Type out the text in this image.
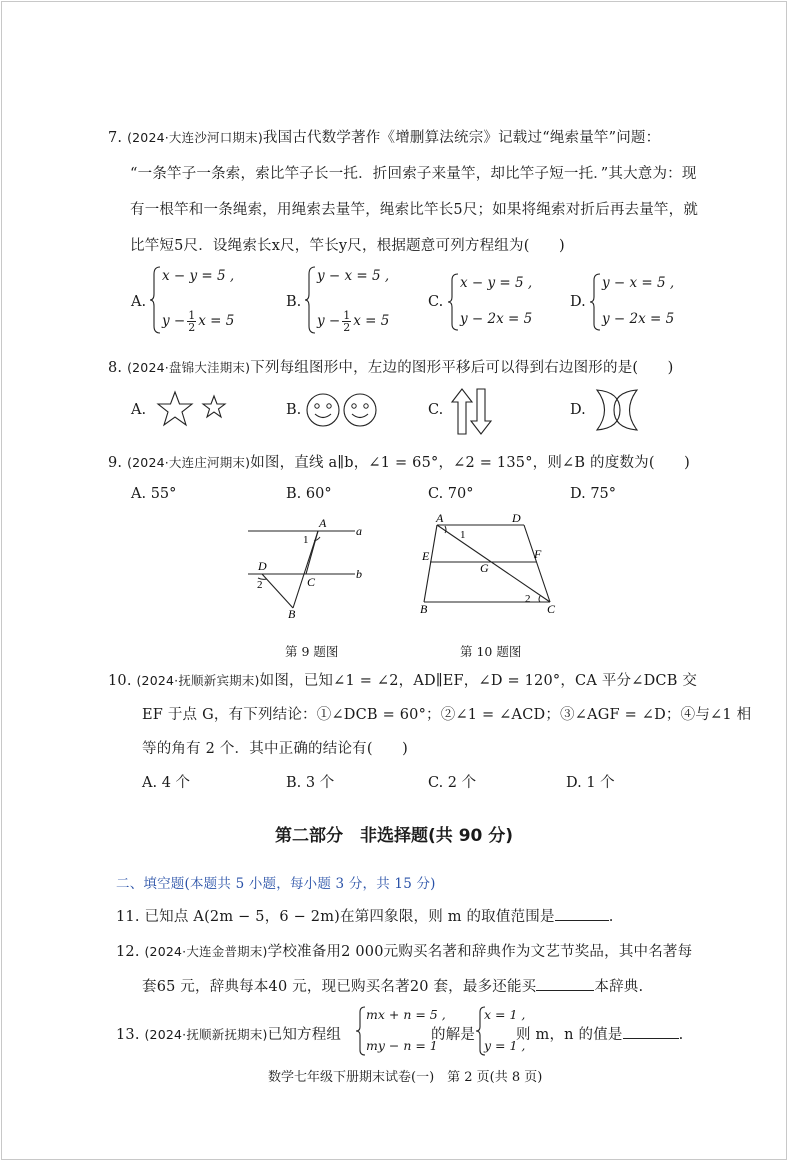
7. (2024·大连沙河口期末)我国古代数学著作《增删算法统宗》记载过“绳索量竿”问题：
“一条竿子一条索，索比竿子长一托．折回索子来量竿，却比竿子短一托．”其大意为：现
有一根竿和一条绳索，用绳索去量竿，绳索比竿长5尺；如果将绳索对折后再去量竿，就
比竿短5尺．设绳索长x尺，竿长y尺，根据题意可列方程组为(　　)
A.
x − y = 5 ,
$y - \frac{1}{2}$ x = 5
B.
y − x = 5 ,
$y - \frac{1}{2}$ x = 5
C.
x − y = 5 ,
y − 2x = 5
D.
y − x = 5 ,
y − 2x = 5
8. (2024·盘锦大洼期末)下列每组图形中，左边的图形平移后可以得到右边图形的是(　　)
A.	B.	C.	D.
9. (2024·大连庄河期末)如图，直线 a∥b，∠1 = 65°，∠2 = 135°，则∠B 的度数为(　　)
A. 55°	B. 60°	C. 70°	D. 75°
A
a
1
D
C
b
2
B
第 9 题图
A	D
1
E	F
G
B	C
2
第 10 题图
10. (2024·抚顺新宾期末)如图，已知∠1 = ∠2，AD∥EF，∠D = 120°，CA 平分∠DCB 交
EF 于点 G，有下列结论：①∠DCB = 60°；②∠1 = ∠ACD；③∠AGF = ∠D；④与∠1 相
等的角有 2 个．其中正确的结论有(　　)
A. 4 个	B. 3 个	C. 2 个	D. 1 个
第二部分　非选择题(共 90 分)
二、填空题(本题共 5 小题，每小题 3 分，共 15 分)
11. 已知点 A(2m − 5，6 − 2m)在第四象限，则 m 的取值范围是	.
12. (2024·大连金普期末)学校准备用2 000元购买名著和辞典作为文艺节奖品，其中名著每
套65 元，辞典每本40 元，现已购买名著20 套，最多还能买	本辞典.
13. (2024·抚顺新抚期末)已知方程组
mx + n = 5 ,
my − n = 1
的解是
x = 1 ,
y = 1 ,
则 m，n 的值是	.
数学七年级下册期末试卷(一)　第 2 页(共 8 页)
